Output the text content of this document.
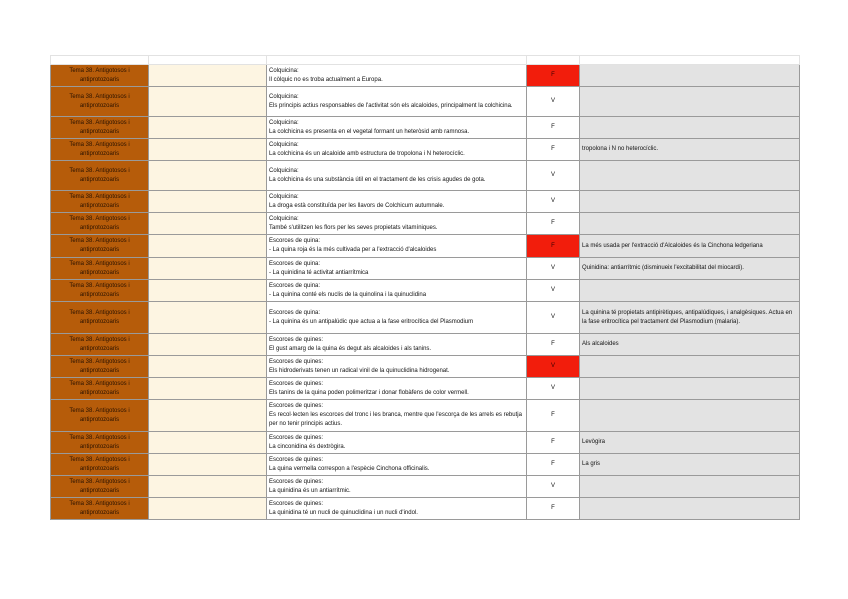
Tema 38. Antigotosos i antiprotozoaris		Colquicina:
Il còlquic no es troba actualment a Europa.	F	
Tema 38. Antigotosos i antiprotozoaris		Colquicina:
Els principis actius responsables de l'activitat són els alcaloides, principalment la colchicina.	V	
Tema 38. Antigotosos i antiprotozoaris		Colquicina:
La colchicina es presenta en el vegetal formant un heteròsid amb ramnosa.	F	
Tema 38. Antigotosos i antiprotozoaris		Colquicina:
La colchicina és un alcaloide amb estructura de tropolona i N heterocíclic.	F	tropolona i N no heterocíclic.
Tema 38. Antigotosos i antiprotozoaris		Colquicina:
La colchicina és una substància útil en el tractament de les crisis agudes de gota.	V	
Tema 38. Antigotosos i antiprotozoaris		Colquicina:
La droga està constituïda per les llavors de Colchicum autumnale.	V	
Tema 38. Antigotosos i antiprotozoaris		Colquicina:
També s'utilitzen les flors per les seves propietats vitamíniques.	F	
Tema 38. Antigotosos i antiprotozoaris		Escorces de quina:
- La quina roja és la més cultivada per a l'extracció d'alcaloides	F	La més usada per l'extracció d'Alcaloides és la Cinchona ledgeriana
Tema 38. Antigotosos i antiprotozoaris		Escorces de quina:
- La quinidina té activitat antiarrítmica	V	Quinidina: antiarrítmic (disminueix l'excitabilitat del miocardi).
Tema 38. Antigotosos i antiprotozoaris		Escorces de quina:
- La quinina conté els nuclis de la quinolina i la quinuclidina	V	
Tema 38. Antigotosos i antiprotozoaris		Escorces de quina:
- La quinina és un antipalúdic que actua a la fase eritrocítica del Plasmodium	V	La quinina té propietats antipirètiques, antipalúdiques, i analgèsiques. Actua en la fase eritrocítica pel tractament del Plasmodium (malaria).
Tema 38. Antigotosos i antiprotozoaris		Escorces de quines:
El gust amarg de la quina és degut als alcaloides i als tanins.	F	Als alcaloides
Tema 38. Antigotosos i antiprotozoaris		Escorces de quines:
Els hidroderivats tenen un radical vinil de la quinuclidina hidrogenat.	V	
Tema 38. Antigotosos i antiprotozoaris		Escorces de quines:
Els tanins de la quina poden polimeritzar i donar flobàfens de color vermell.	V	
Tema 38. Antigotosos i antiprotozoaris		Escorces de quines:
Es recol·lecten les escorces del tronc i les branca, mentre que l'escorça de les arrels es rebutja per no tenir principis actius.	F	
Tema 38. Antigotosos i antiprotozoaris		Escorces de quines:
La cinconidina és dextrògira.	F	Levògira
Tema 38. Antigotosos i antiprotozoaris		Escorces de quines:
La quina vermella correspon a l'espècie Cinchona officinalis.	F	La gris
Tema 38. Antigotosos i antiprotozoaris		Escorces de quines:
La quinidina és un antiarrítmic.	V	
Tema 38. Antigotosos i antiprotozoaris		Escorces de quines:
La quinidina té un nucli de quinuclidina i un nucli d'indol.	F	
